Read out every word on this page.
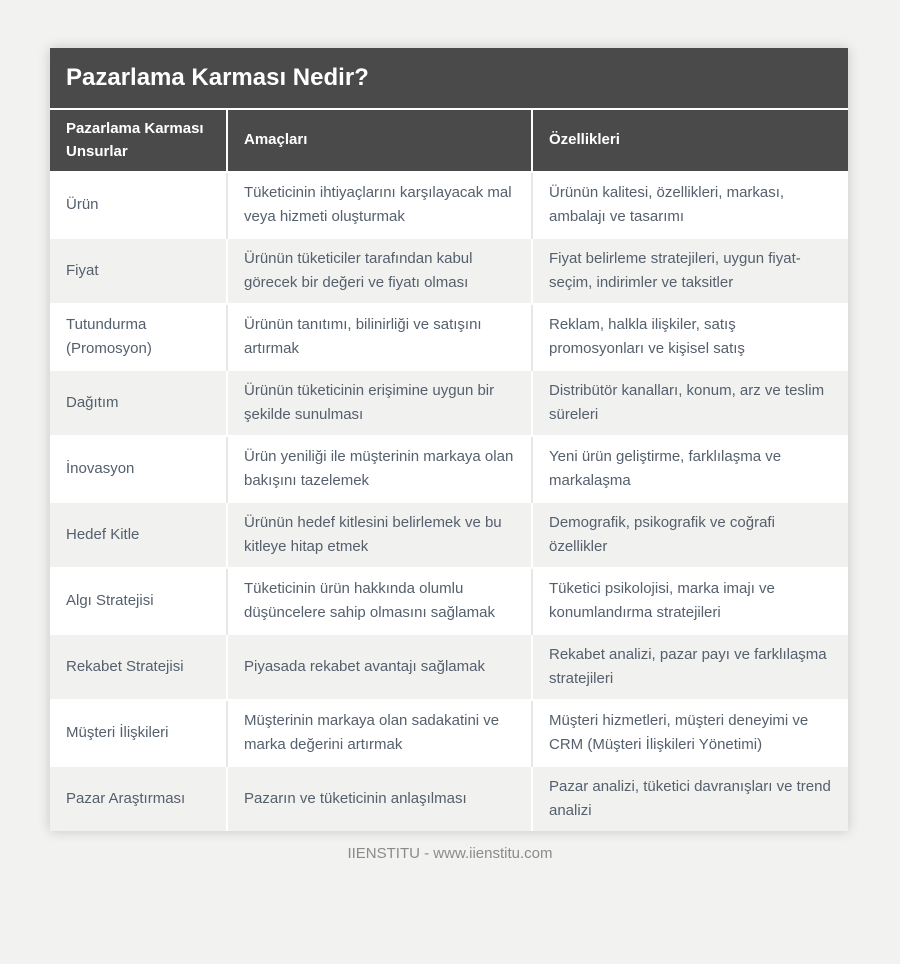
Pazarlama Karması Nedir?
Pazarlama Karması Unsurlar	Amaçları	Özellikleri
Ürün	Tüketicinin ihtiyaçlarını karşılayacak mal veya hizmeti oluşturmak	Ürünün kalitesi, özellikleri, markası, ambalajı ve tasarımı
Fiyat	Ürünün tüketiciler tarafından kabul görecek bir değeri ve fiyatı olması	Fiyat belirleme stratejileri, uygun fiyat-seçim, indirimler ve taksitler
Tutundurma (Promosyon)	Ürünün tanıtımı, bilinirliği ve satışını artırmak	Reklam, halkla ilişkiler, satış promosyonları ve kişisel satış
Dağıtım	Ürünün tüketicinin erişimine uygun bir şekilde sunulması	Distribütör kanalları, konum, arz ve teslim süreleri
İnovasyon	Ürün yeniliği ile müşterinin markaya olan bakışını tazelemek	Yeni ürün geliştirme, farklılaşma ve markalaşma
Hedef Kitle	Ürünün hedef kitlesini belirlemek ve bu kitleye hitap etmek	Demografik, psikografik ve coğrafi özellikler
Algı Stratejisi	Tüketicinin ürün hakkında olumlu düşüncelere sahip olmasını sağlamak	Tüketici psikolojisi, marka imajı ve konumlandırma stratejileri
Rekabet Stratejisi	Piyasada rekabet avantajı sağlamak	Rekabet analizi, pazar payı ve farklılaşma stratejileri
Müşteri İlişkileri	Müşterinin markaya olan sadakatini ve marka değerini artırmak	Müşteri hizmetleri, müşteri deneyimi ve CRM (Müşteri İlişkileri Yönetimi)
Pazar Araştırması	Pazarın ve tüketicinin anlaşılması	Pazar analizi, tüketici davranışları ve trend analizi
IIENSTITU - www.iienstitu.com
